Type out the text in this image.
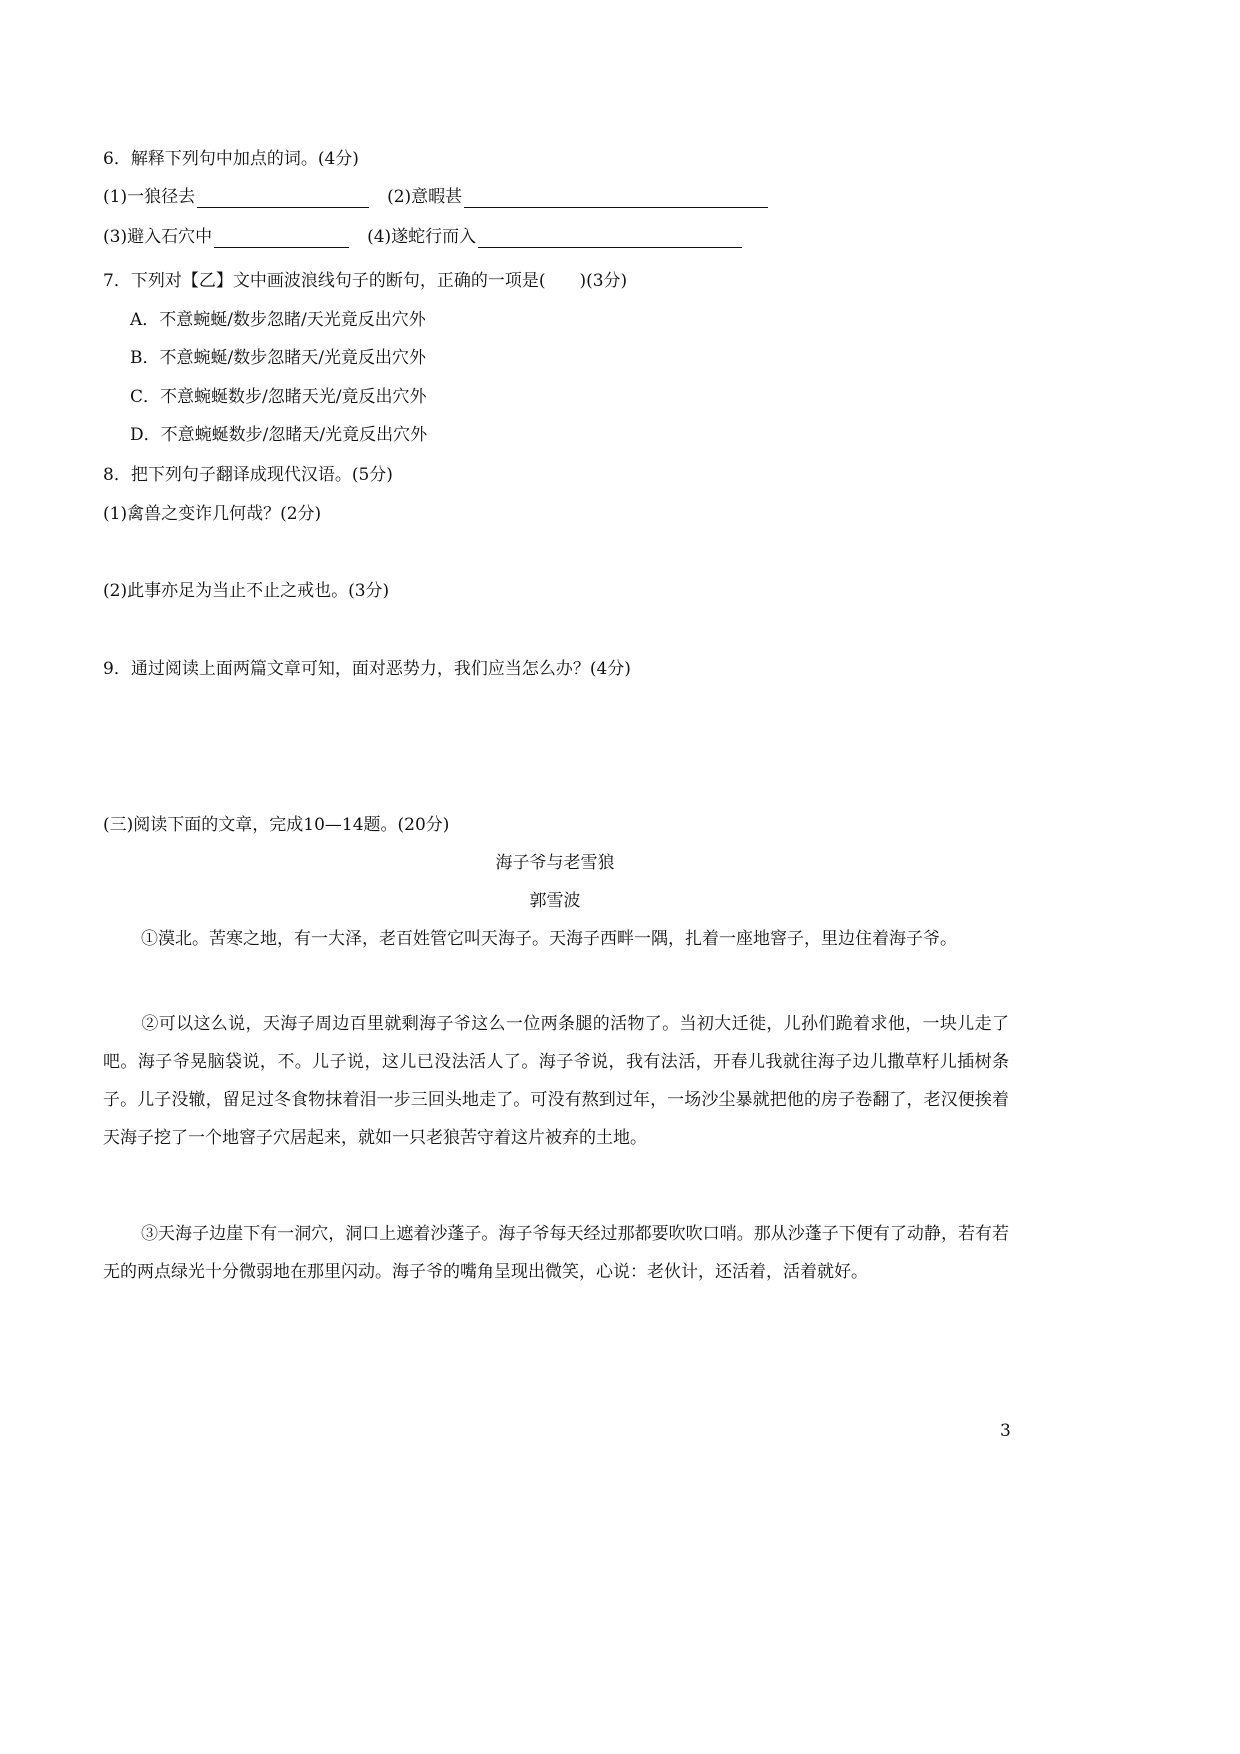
6．解释下列句中加点的词。(4分)
(1)一狼径去	(2)意暇甚
(3)避入石穴中	(4)遂蛇行而入
7．下列对【乙】文中画波浪线句子的断句，正确的一项是(　　)(3分)
A．不意蜿蜒/数步忽睹/天光竟反出穴外
B．不意蜿蜒/数步忽睹天/光竟反出穴外
C．不意蜿蜒数步/忽睹天光/竟反出穴外
D．不意蜿蜒数步/忽睹天/光竟反出穴外
8．把下列句子翻译成现代汉语。(5分)
(1)禽兽之变诈几何哉？(2分)
(2)此事亦足为当止不止之戒也。(3分)
9．通过阅读上面两篇文章可知，面对恶势力，我们应当怎么办？(4分)
(三)阅读下面的文章，完成10—14题。(20分)
海子爷与老雪狼
郭雪波
①漠北。苦寒之地，有一大泽，老百姓管它叫天海子。天海子西畔一隅，扎着一座地窨子，里边住着海子爷。
②可以这么说，天海子周边百里就剩海子爷这么一位两条腿的活物了。当初大迁徙，儿孙们跪着求他，一块儿走了吧。海子爷晃脑袋说，不。儿子说，这儿已没法活人了。海子爷说，我有法活，开春儿我就往海子边儿撒草籽儿插树条子。儿子没辙，留足过冬食物抹着泪一步三回头地走了。可没有熬到过年，一场沙尘暴就把他的房子卷翻了，老汉便挨着天海子挖了一个地窨子穴居起来，就如一只老狼苦守着这片被弃的土地。
③天海子边崖下有一洞穴，洞口上遮着沙蓬子。海子爷每天经过那都要吹吹口哨。那从沙蓬子下便有了动静，若有若无的两点绿光十分微弱地在那里闪动。海子爷的嘴角呈现出微笑，心说：老伙计，还活着，活着就好。
3
